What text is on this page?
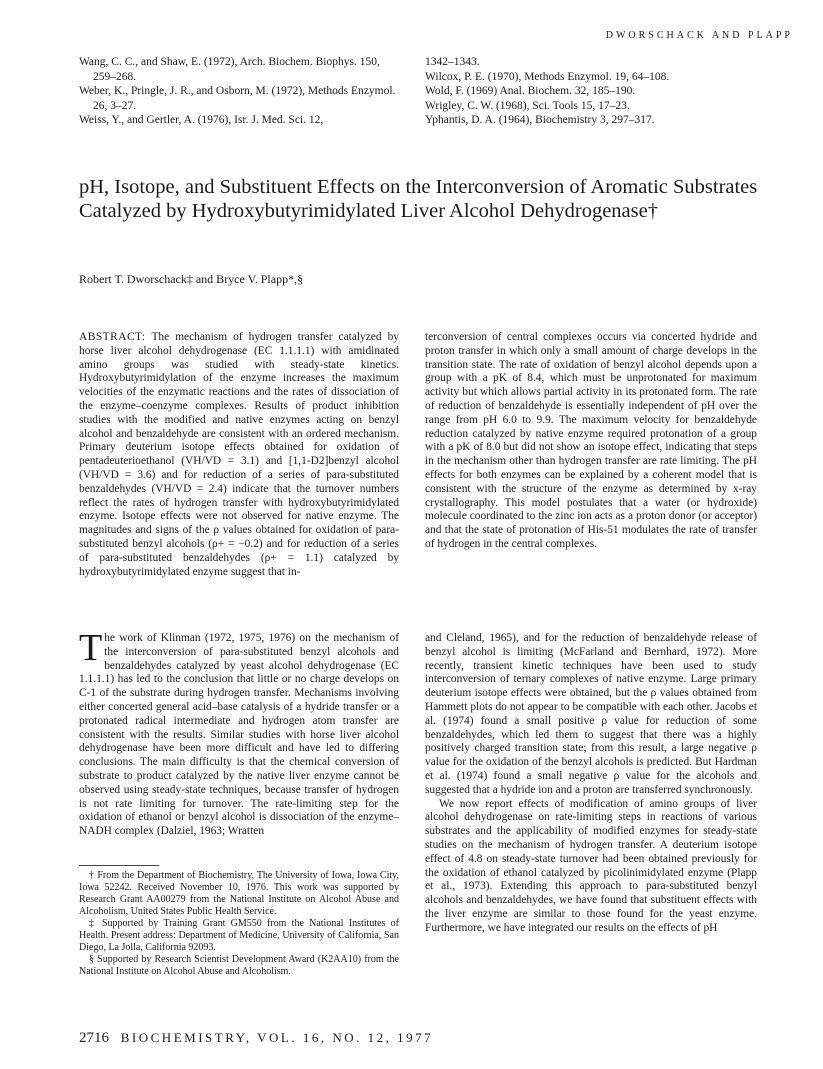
DWORSCHACK AND PLAPP
Wang, C. C., and Shaw, E. (1972), Arch. Biochem. Biophys. 150, 259–268.
Weber, K., Pringle, J. R., and Osborn, M. (1972), Methods Enzymol. 26, 3–27.
Weiss, Y., and Gertler, A. (1976), Isr. J. Med. Sci. 12,
1342–1343.
Wilcox, P. E. (1970), Methods Enzymol. 19, 64–108.
Wold, F. (1969) Anal. Biochem. 32, 185–190.
Wrigley, C. W. (1968), Sci. Tools 15, 17–23.
Yphantis, D. A. (1964), Biochemistry 3, 297–317.
pH, Isotope, and Substituent Effects on the Interconversion of Aromatic Substrates Catalyzed by Hydroxybutyrimidylated Liver Alcohol Dehydrogenase†
Robert T. Dworschack‡ and Bryce V. Plapp*,§
ABSTRACT: The mechanism of hydrogen transfer catalyzed by horse liver alcohol dehydrogenase (EC 1.1.1.1) with amidinated amino groups was studied with steady-state kinetics. Hydroxybutyrimidylation of the enzyme increases the maximum velocities of the enzymatic reactions and the rates of dissociation of the enzyme–coenzyme complexes. Results of product inhibition studies with the modified and native enzymes acting on benzyl alcohol and benzaldehyde are consistent with an ordered mechanism. Primary deuterium isotope effects obtained for oxidation of pentadeuterioethanol (VH/VD = 3.1) and [1,1-D2]benzyl alcohol (VH/VD = 3.6) and for reduction of a series of para-substituted benzaldehydes (VH/VD = 2.4) indicate that the turnover numbers reflect the rates of hydrogen transfer with hydroxybutyrimidylated enzyme. Isotope effects were not observed for native enzyme. The magnitudes and signs of the ρ values obtained for oxidation of para-substituted benzyl alcohols (ρ+ = −0.2) and for reduction of a series of para-substituted benzaldehydes (ρ+ = 1.1) catalyzed by hydroxybutyrimidylated enzyme suggest that in-
terconversion of central complexes occurs via concerted hydride and proton transfer in which only a small amount of charge develops in the transition state. The rate of oxidation of benzyl alcohol depends upon a group with a pK of 8.4, which must be unprotonated for maximum activity but which allows partial activity in its protonated form. The rate of reduction of benzaldehyde is essentially independent of pH over the range from pH 6.0 to 9.9. The maximum velocity for benzaldehyde reduction catalyzed by native enzyme required protonation of a group with a pK of 8.0 but did not show an isotope effect, indicating that steps in the mechanism other than hydrogen transfer are rate limiting. The pH effects for both enzymes can be explained by a coherent model that is consistent with the structure of the enzyme as determined by x-ray crystallography. This model postulates that a water (or hydroxide) molecule coordinated to the zinc ion acts as a proton donor (or acceptor) and that the state of protonation of His-51 modulates the rate of transfer of hydrogen in the central complexes.
T he work of Klinman (1972, 1975, 1976) on the mechanism of the interconversion of para-substituted benzyl alcohols and benzaldehydes catalyzed by yeast alcohol dehydrogenase (EC 1.1.1.1) has led to the conclusion that little or no charge develops on C-1 of the substrate during hydrogen transfer. Mechanisms involving either concerted general acid–base catalysis of a hydride transfer or a protonated radical intermediate and hydrogen atom transfer are consistent with the results. Similar studies with horse liver alcohol dehydrogenase have been more difficult and have led to differing conclusions. The main difficulty is that the chemical conversion of substrate to product catalyzed by the native liver enzyme cannot be observed using steady-state techniques, because transfer of hydrogen is not rate limiting for turnover. The rate-limiting step for the oxidation of ethanol or benzyl alcohol is dissociation of the enzyme–NADH complex (Dalziel, 1963; Wratten

and Cleland, 1965), and for the reduction of benzaldehyde release of benzyl alcohol is limiting (McFarland and Bernhard, 1972). More recently, transient kinetic techniques have been used to study interconversion of ternary complexes of native enzyme. Large primary deuterium isotope effects were obtained, but the ρ values obtained from Hammett plots do not appear to be compatible with each other. Jacobs et al. (1974) found a small positive ρ value for reduction of some benzaldehydes, which led them to suggest that there was a highly positively charged transition state; from this result, a large negative ρ value for the oxidation of the benzyl alcohols is predicted. But Hardman et al. (1974) found a small negative ρ value for the alcohols and suggested that a hydride ion and a proton are transferred synchronously.

We now report effects of modification of amino groups of liver alcohol dehydrogenase on rate-limiting steps in reactions of various substrates and the applicability of modified enzymes for steady-state studies on the mechanism of hydrogen transfer. A deuterium isotope effect of 4.8 on steady-state turnover had been obtained previously for the oxidation of ethanol catalyzed by picolinimidylated enzyme (Plapp et al., 1973). Extending this approach to para-substituted benzyl alcohols and benzaldehydes, we have found that substituent effects with the liver enzyme are similar to those found for the yeast enzyme. Furthermore, we have integrated our results on the effects of pH

† From the Department of Biochemistry, The University of Iowa, Iowa City, Iowa 52242. Received November 10, 1976. This work was supported by Research Grant AA00279 from the National Institute on Alcohol Abuse and Alcoholism, United States Public Health Service.
‡ Supported by Training Grant GM550 from the National Institutes of Health. Present address: Department of Medicine, University of California, San Diego, La Jolla, California 92093.
§ Supported by Research Scientist Development Award (K2AA10) from the National Institute on Alcohol Abuse and Alcoholism.
2716 BIOCHEMISTRY, VOL. 16, NO. 12, 1977
